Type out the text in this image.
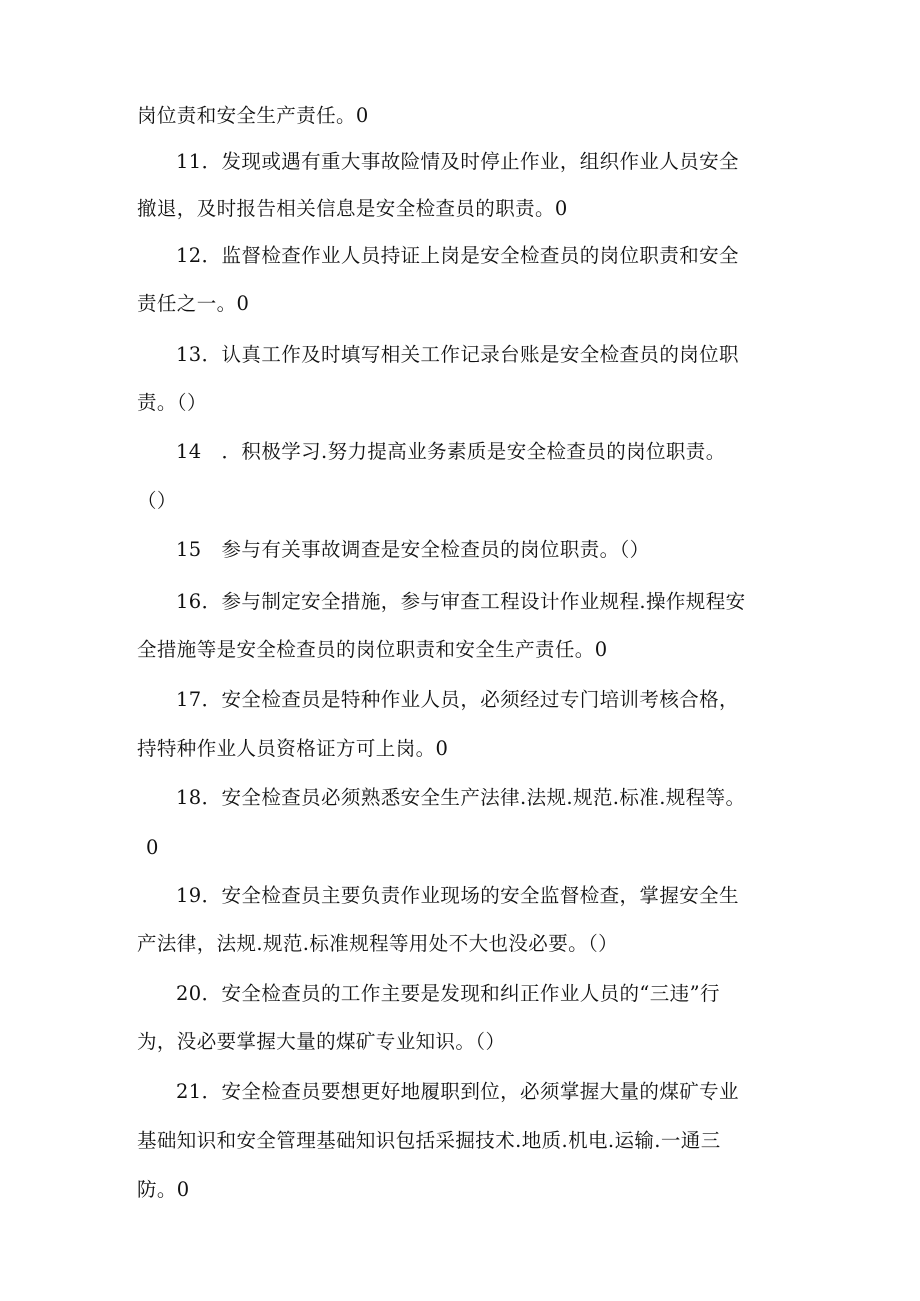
岗位责和安全生产责任。0
11．发现或遇有重大事故险情及时停止作业，组织作业人员安全
撤退，及时报告相关信息是安全检查员的职责。0
12．监督检查作业人员持证上岗是安全检查员的岗位职责和安全
责任之一。0
13．认真工作及时填写相关工作记录台账是安全检查员的岗位职
责。（）
14　．积极学习.努力提高业务素质是安全检查员的岗位职责。
（）
15　参与有关事故调查是安全检查员的岗位职责。（）
16．参与制定安全措施，参与审查工程设计作业规程.操作规程安
全措施等是安全检查员的岗位职责和安全生产责任。0
17．安全检查员是特种作业人员，必须经过专门培训考核合格，
持特种作业人员资格证方可上岗。0
18．安全检查员必须熟悉安全生产法律.法规.规范.标准.规程等。
0
19．安全检查员主要负责作业现场的安全监督检查，掌握安全生
产法律，法规.规范.标准规程等用处不大也没必要。（）
20．安全检查员的工作主要是发现和纠正作业人员的“三违”行
为，没必要掌握大量的煤矿专业知识。（）
21．安全检查员要想更好地履职到位，必须掌握大量的煤矿专业
基础知识和安全管理基础知识包括采掘技术.地质.机电.运输.一通三
防。0
